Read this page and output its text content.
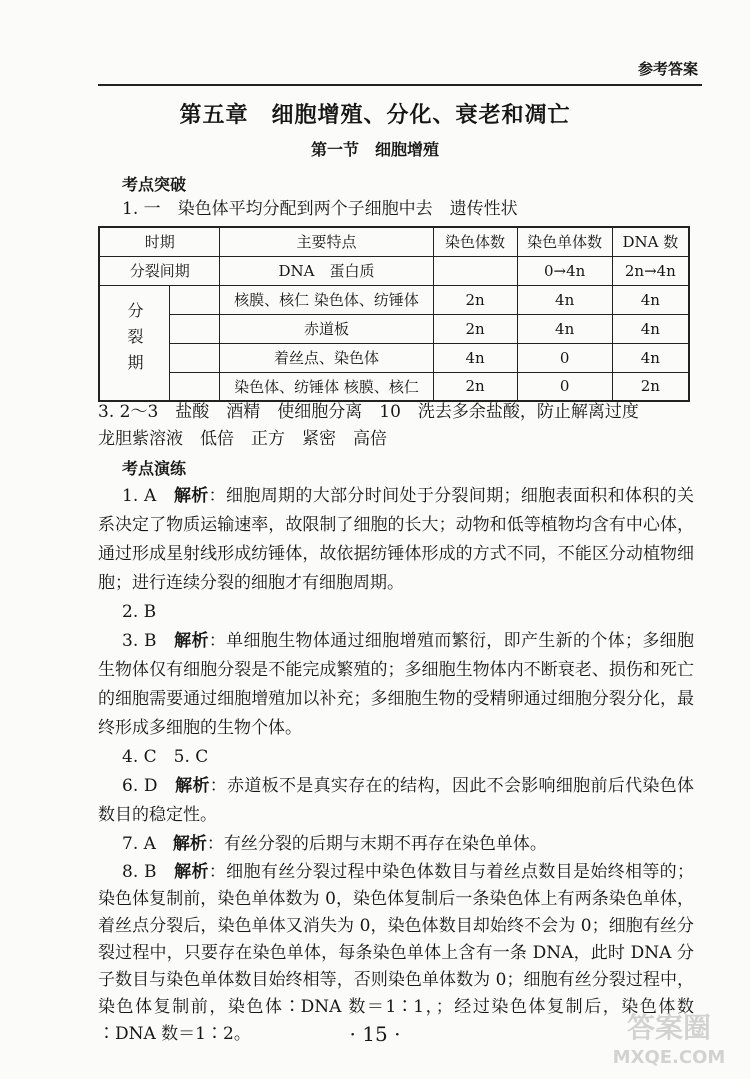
参考答案
第五章　细胞增殖、分化、衰老和凋亡
第一节　细胞增殖
考点突破
1. 一　染色体平均分配到两个子细胞中去　遗传性状
时期		主要特点	染色体数	染色单体数	DNA 数
分裂间期		DNA　蛋白质		0→4n	2n→4n
分裂期		核膜、核仁 染色体、纺锤体	2n	4n	4n
		赤道板	2n	4n	4n
		着丝点、染色体	4n	0	4n
		染色体、纺锤体 核膜、核仁	2n	0	2n
3. 2～3　盐酸　酒精　使细胞分离　10　洗去多余盐酸，防止解离过度
龙胆紫溶液　低倍　正方　紧密　高倍
考点演练
1. A　 解析：细胞周期的大部分时间处于分裂间期；细胞表面积和体积的关系决定了物质运输速率，故限制了细胞的长大；动物和低等植物均含有中心体，通过形成星射线形成纺锤体，故依据纺锤体形成的方式不同，不能区分动植物细胞；进行连续分裂的细胞才有细胞周期。
2. B
3. B　 解析：单细胞生物体通过细胞增殖而繁衍，即产生新的个体；多细胞生物体仅有细胞分裂是不能完成繁殖的；多细胞生物体内不断衰老、损伤和死亡的细胞需要通过细胞增殖加以补充；多细胞生物的受精卵通过细胞分裂分化，最终形成多细胞的生物个体。
4. C　5. C
6. D　 解析：赤道板不是真实存在的结构，因此不会影响细胞前后代染色体数目的稳定性。
7. A　 解析：有丝分裂的后期与末期不再存在染色单体。
8. B　 解析：细胞有丝分裂过程中染色体数目与着丝点数目是始终相等的；染色体复制前，染色单体数为 0，染色体复制后一条染色体上有两条染色单体，着丝点分裂后，染色单体又消失为 0，染色体数目却始终不会为 0；细胞有丝分裂过程中，只要存在染色单体，每条染色单体上含有一条 DNA，此时 DNA 分子数目与染色单体数目始终相等，否则染色单体数为 0；细胞有丝分裂过程中，染色体复制前，染色体∶DNA 数＝1∶1，；经过染色体复制后，染色体数∶DNA 数＝1∶2。	· 15 ·	答案圈
MXQE.COM
